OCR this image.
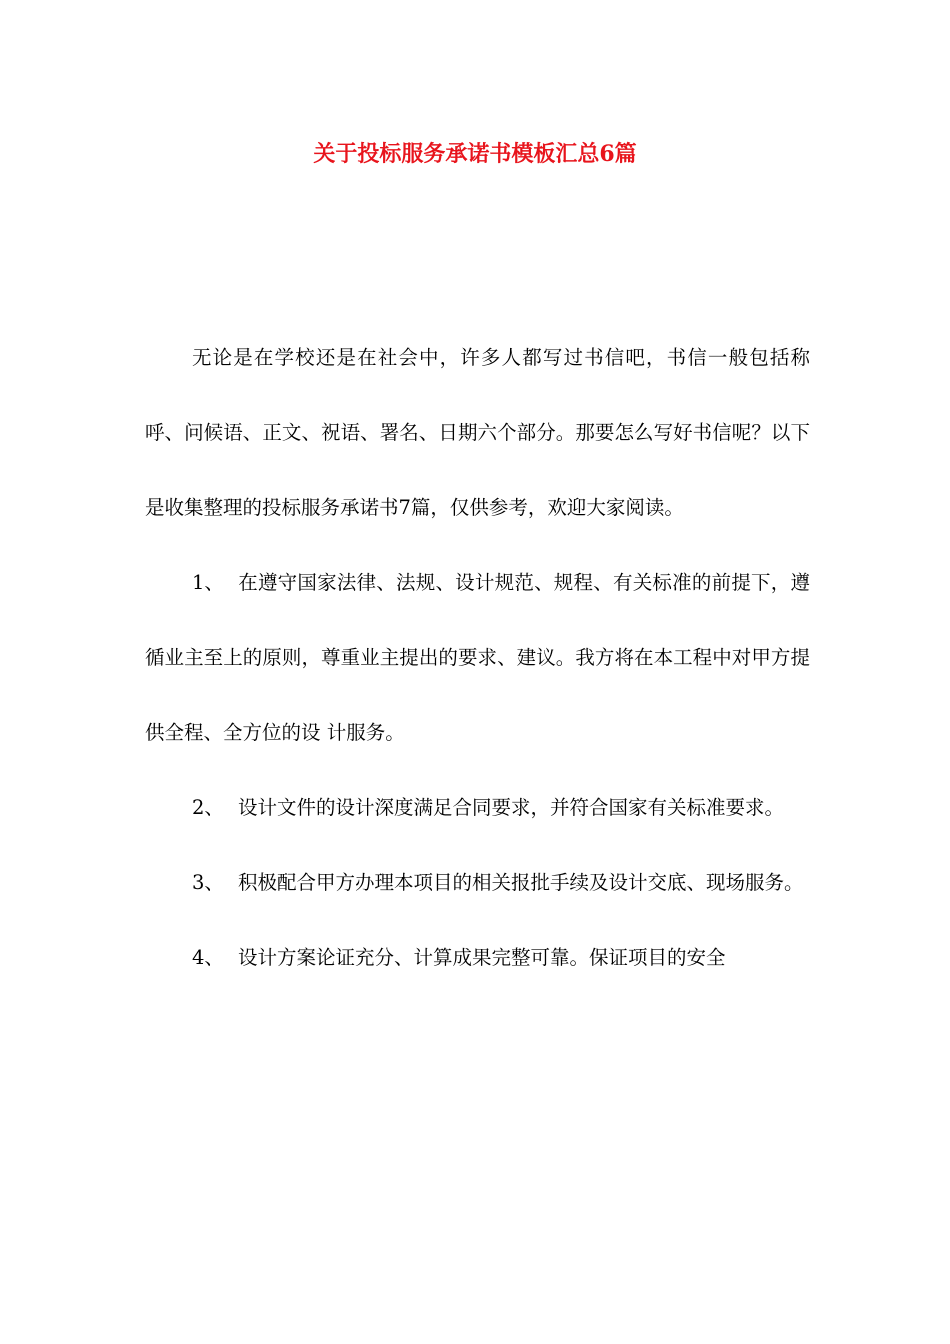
关于投标服务承诺书模板汇总6篇

无论是在学校还是在社会中，许多人都写过书信吧，书信一般包括称呼、问候语、正文、祝语、署名、日期六个部分。那要怎么写好书信呢？以下是收集整理的投标服务承诺书7篇，仅供参考，欢迎大家阅读。

1、 在遵守国家法律、法规、设计规范、规程、有关标准的前提下，遵循业主至上的原则，尊重业主提出的要求、建议。我方将在本工程中对甲方提供全程、全方位的设 计服务。

2、 设计文件的设计深度满足合同要求，并符合国家有关标准要求。

3、 积极配合甲方办理本项目的相关报批手续及设计交底、现场服务。

4、 设计方案论证充分、计算成果完整可靠。保证项目的安全
